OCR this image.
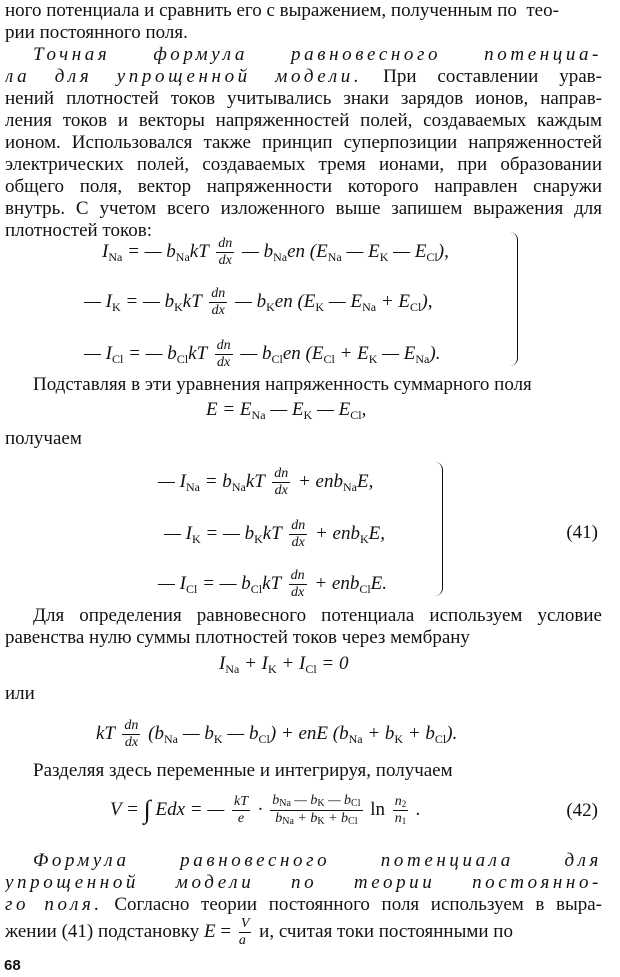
ного потенциала и сравнить его с выражением, полученным по  тео-
рии постоянного поля.
Точная формула равновесного потенциа-
ла для упрощенной модели. При составлении урав-
нений плотностей токов учитывались знаки зарядов ионов, направ-
ления токов и векторы напряженностей полей, создаваемых каждым
ионом. Использовался также принцип суперпозиции напряженностей
электрических полей, создаваемых тремя ионами, при образовании
общего поля, вектор напряженности которого направлен снаружи
внутрь. С учетом всего изложенного выше запишем выражения для
плотностей токов:
$I_{Na}$ = — $b_{Na}kT \frac{dn}{dx}$ — $b_{Na}en$ ($E_{Na}$ — $E_K$ — $E_{Cl}$),
— $I_K$ = — $b_KkT \frac{dn}{dx}$ — $b_Ken$ ($E_K$ — $E_{Na} + E_{Cl}$),
— $I_{Cl}$ = — $b_{Cl}kT \frac{dn}{dx}$ — $b_{Cl}en$ ($E_{Cl} + E_K$ — $E_{Na}$).
Подставляя в эти уравнения напряженность суммарного поля
$E = E_{Na}$ — $E_K$ — $E_{Cl}$,
получаем
— $I_{Na} = b_{Na}kT \frac{dn}{dx} + enb_{Na}E$,
— $I_K$ = — $b_KkT \frac{dn}{dx} + enb_KE$,
— $I_{Cl}$ = — $b_{Cl}kT \frac{dn}{dx} + enb_{Cl}E$.
(41)
Для определения равновесного потенциала используем условие
равенства нулю суммы плотностей токов через мембрану
$I_{Na} + I_K + I_{Cl} = 0$
или
kT $\frac{dn}{dx} (b_{Na}$ — $b_K$ — $b_{Cl}$) + enE $(b_{Na} + b_K + b_{Cl})$.
Разделяя здесь переменные и интегрируя, получаем
V = ∫ Edx = — $\frac{kT}{e} \cdot \frac{\text{bNa — bK — bCl}}{\text{bNa + bK + bCl}}$ $\ln \frac{n2}{n1}$ .	(42)
Формула равновесного потенциала для
упрощенной модели по теории постоянно-
го поля. Согласно теории постоянного поля используем в выра-
жении (41) подстановку $E = \frac{V}{a} и$, считая токи постоянными по
68
